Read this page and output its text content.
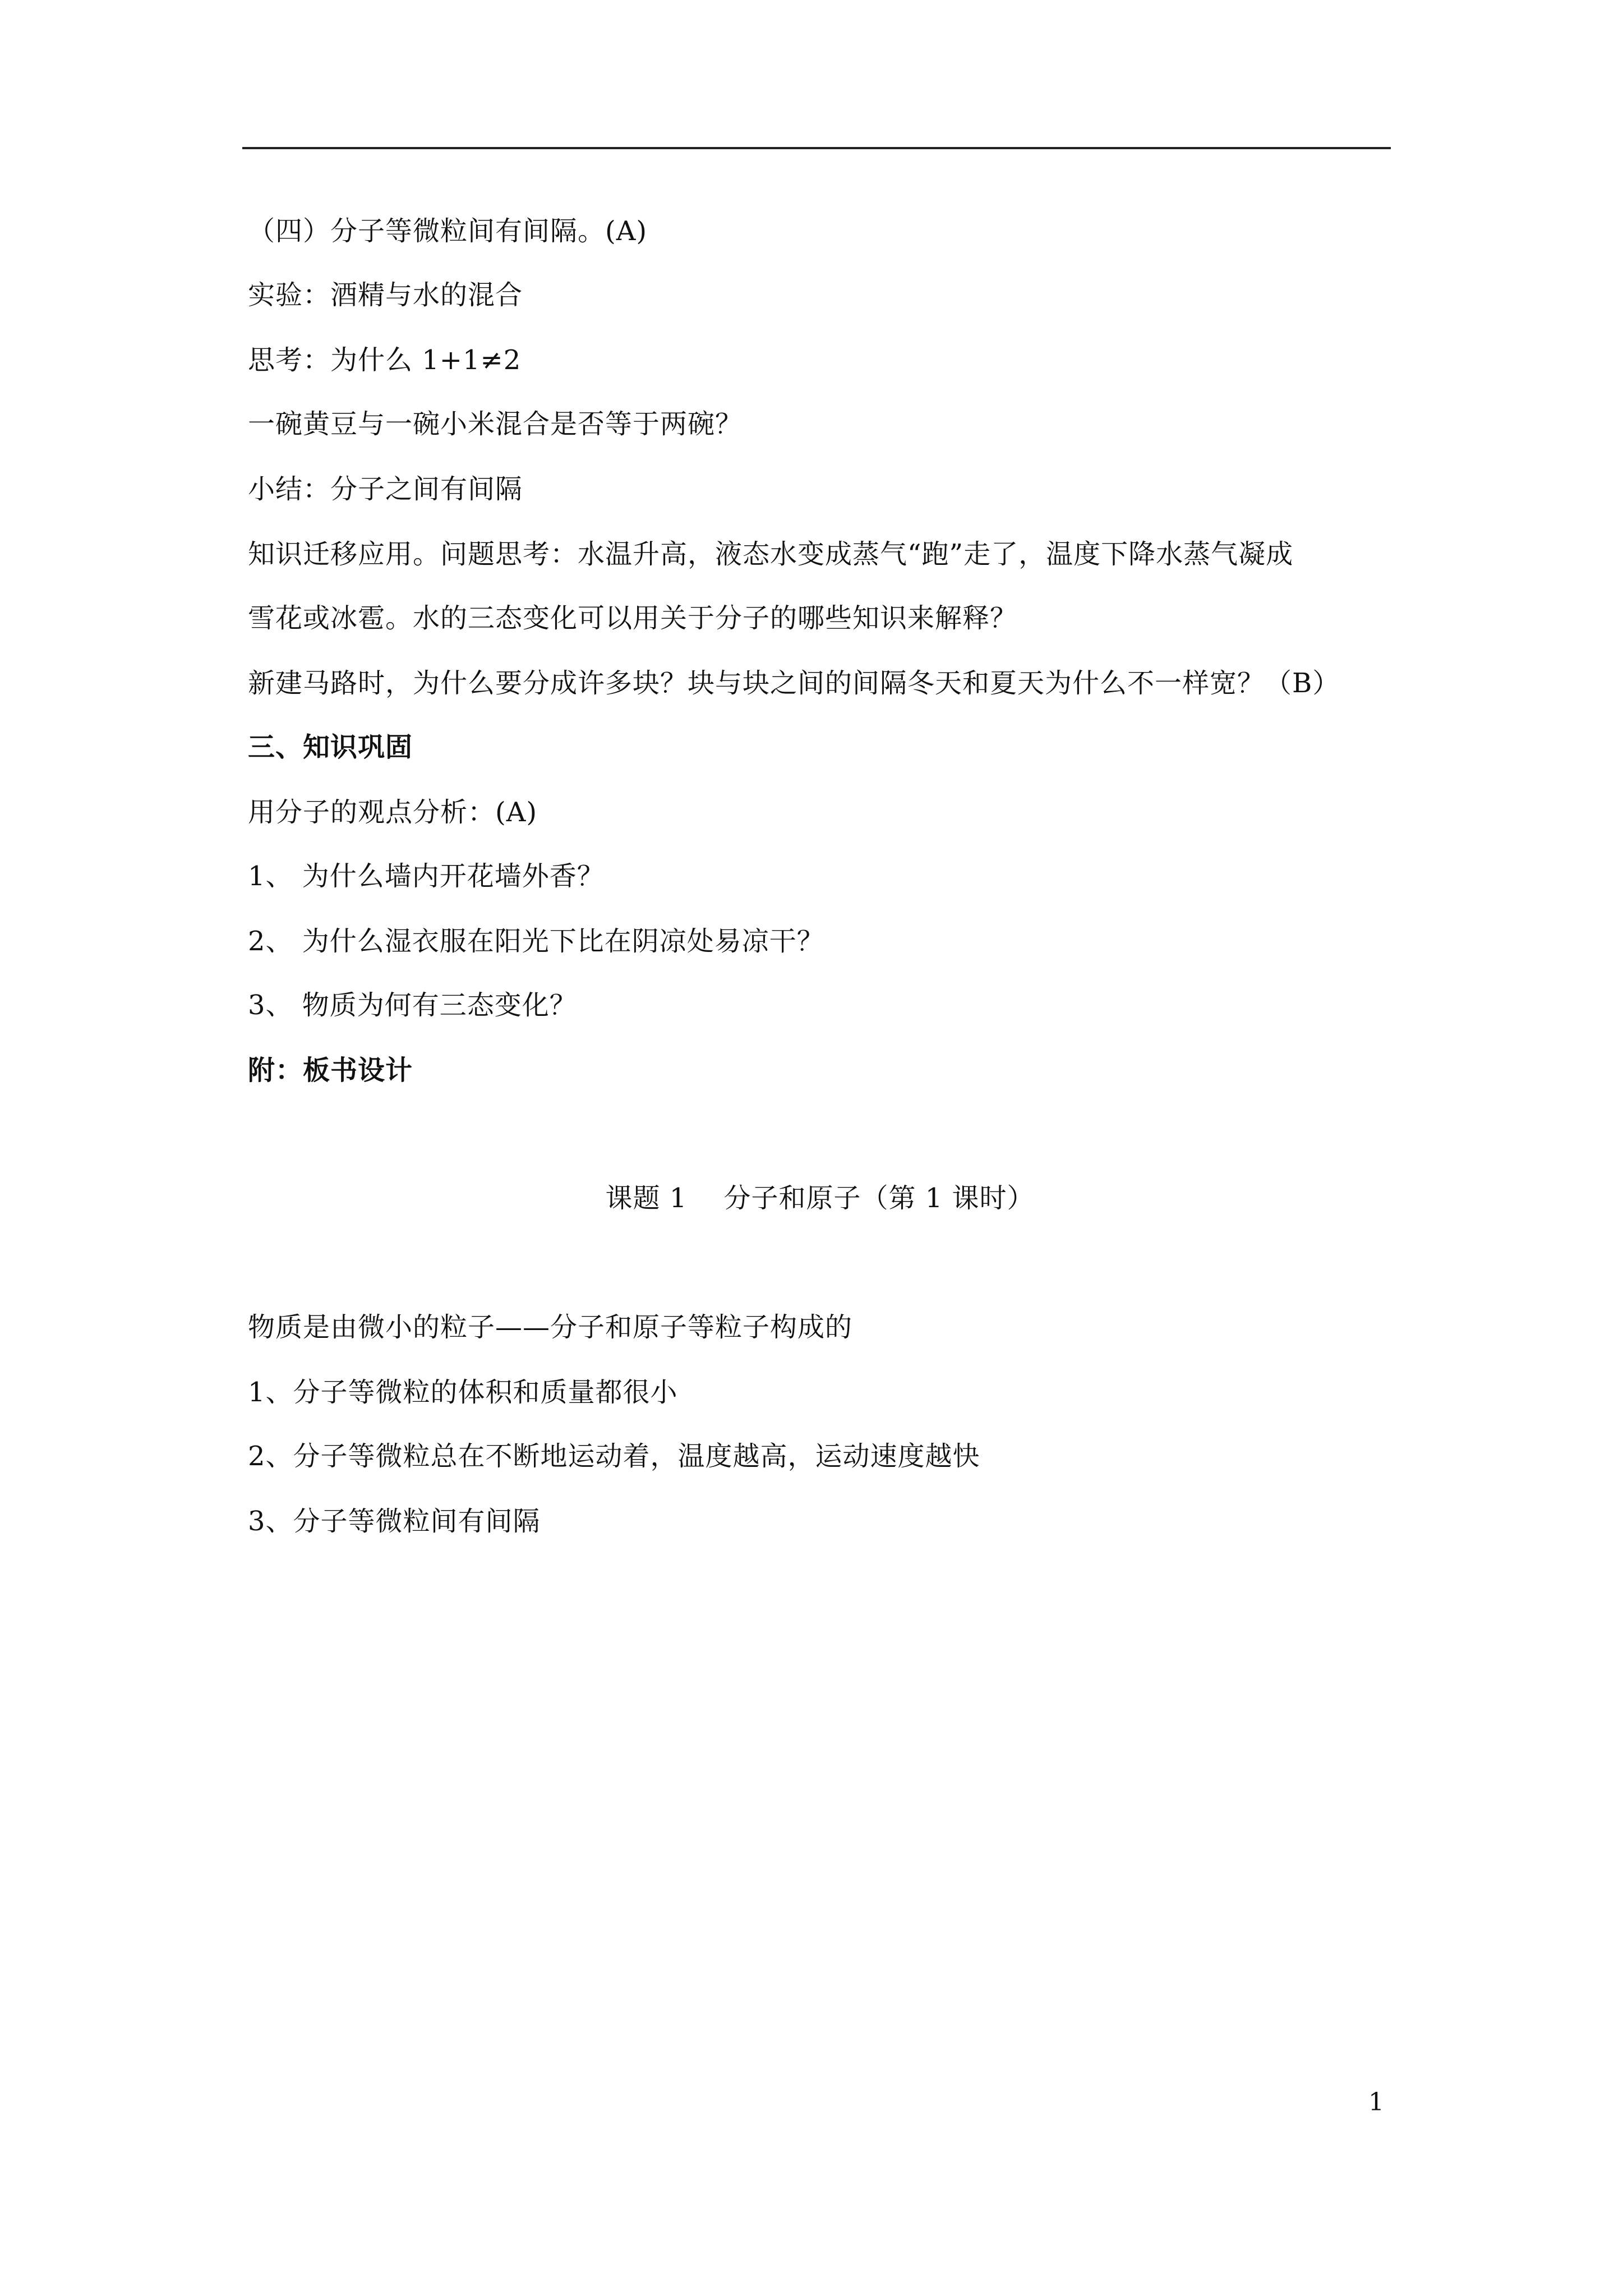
（四）分子等微粒间有间隔。(A)
实验：酒精与水的混合
思考：为什么 1+1≠2
一碗黄豆与一碗小米混合是否等于两碗？
小结：分子之间有间隔
知识迁移应用。问题思考：水温升高，液态水变成蒸气“跑”走了，温度下降水蒸气凝成
雪花或冰雹。水的三态变化可以用关于分子的哪些知识来解释？
新建马路时，为什么要分成许多块？块与块之间的间隔冬天和夏天为什么不一样宽？（B）
三、知识巩固
用分子的观点分析：(A)
1、 为什么墙内开花墙外香？
2、 为什么湿衣服在阳光下比在阴凉处易凉干？
3、 物质为何有三态变化？
附：板书设计
课题 1　 分子和原子（第 1 课时）
物质是由微小的粒子——分子和原子等粒子构成的
1、分子等微粒的体积和质量都很小
2、分子等微粒总在不断地运动着，温度越高，运动速度越快
3、分子等微粒间有间隔
1
